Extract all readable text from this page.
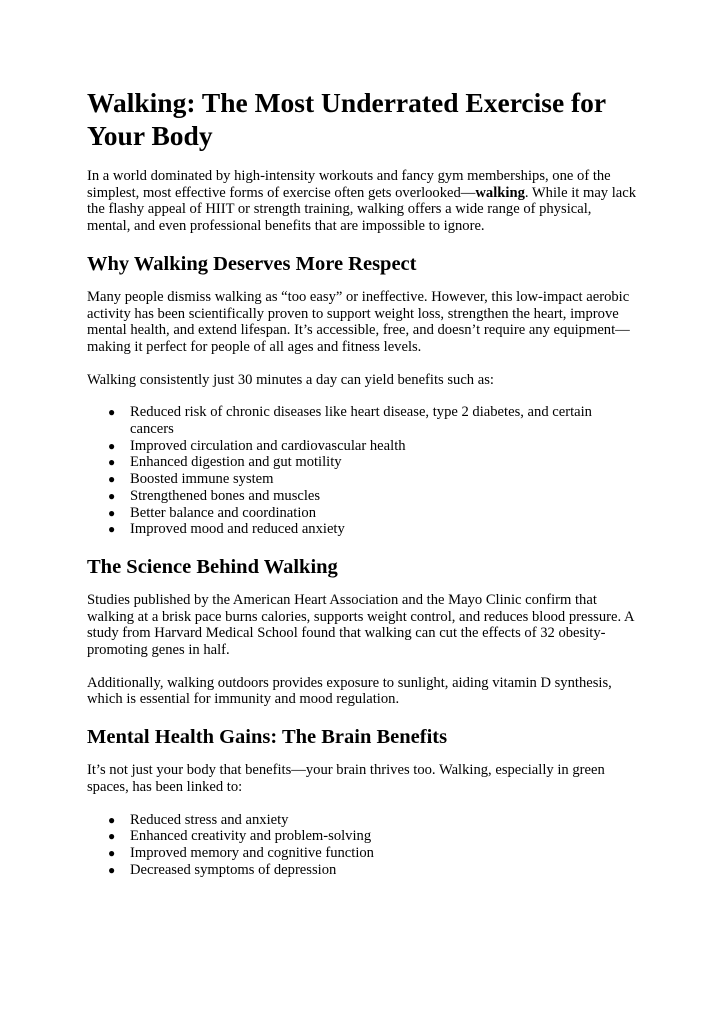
Walking: The Most Underrated Exercise for Your Body

In a world dominated by high-intensity workouts and fancy gym memberships, one of the simplest, most effective forms of exercise often gets overlooked—walking. While it may lack the flashy appeal of HIIT or strength training, walking offers a wide range of physical, mental, and even professional benefits that are impossible to ignore.

Why Walking Deserves More Respect

Many people dismiss walking as “too easy” or ineffective. However, this low-impact aerobic activity has been scientifically proven to support weight loss, strengthen the heart, improve mental health, and extend lifespan. It’s accessible, free, and doesn’t require any equipment—making it perfect for people of all ages and fitness levels.

Walking consistently just 30 minutes a day can yield benefits such as:

● Reduced risk of chronic diseases like heart disease, type 2 diabetes, and certain cancers
● Improved circulation and cardiovascular health
● Enhanced digestion and gut motility
● Boosted immune system
● Strengthened bones and muscles
● Better balance and coordination
● Improved mood and reduced anxiety
The Science Behind Walking

Studies published by the American Heart Association and the Mayo Clinic confirm that walking at a brisk pace burns calories, supports weight control, and reduces blood pressure. A study from Harvard Medical School found that walking can cut the effects of 32 obesity-promoting genes in half.

Additionally, walking outdoors provides exposure to sunlight, aiding vitamin D synthesis, which is essential for immunity and mood regulation.

Mental Health Gains: The Brain Benefits

It’s not just your body that benefits—your brain thrives too. Walking, especially in green spaces, has been linked to:

● Reduced stress and anxiety
● Enhanced creativity and problem-solving
● Improved memory and cognitive function
● Decreased symptoms of depression
